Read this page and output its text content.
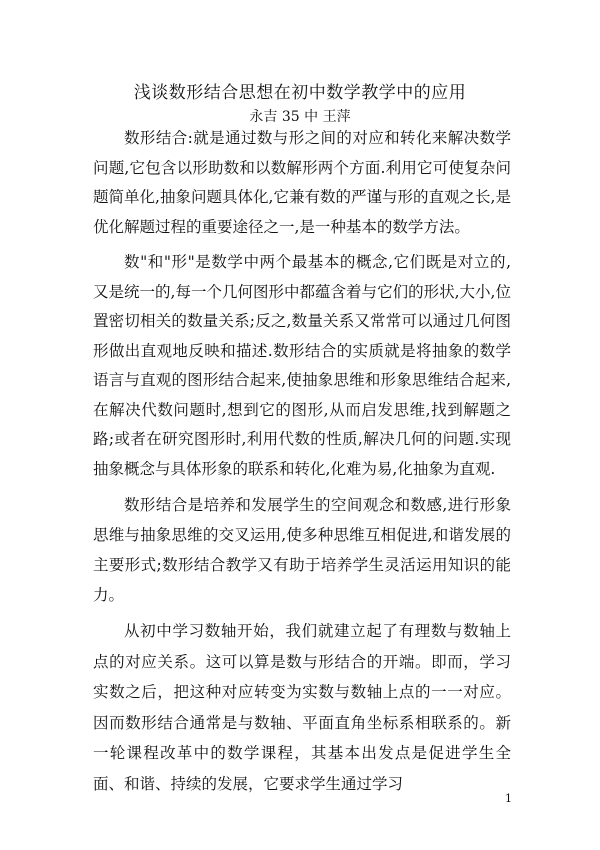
浅谈数形结合思想在初中数学教学中的应用

永吉 35 中 王萍

数形结合:就是通过数与形之间的对应和转化来解决数学问题,它包含以形助数和以数解形两个方面.利用它可使复杂问题简单化,抽象问题具体化,它兼有数的严谨与形的直观之长,是优化解题过程的重要途径之一,是一种基本的数学方法。

数"和"形"是数学中两个最基本的概念,它们既是对立的,又是统一的,每一个几何图形中都蕴含着与它们的形状,大小,位置密切相关的数量关系;反之,数量关系又常常可以通过几何图形做出直观地反映和描述.数形结合的实质就是将抽象的数学语言与直观的图形结合起来,使抽象思维和形象思维结合起来,在解决代数问题时,想到它的图形,从而启发思维,找到解题之路;或者在研究图形时,利用代数的性质,解决几何的问题.实现抽象概念与具体形象的联系和转化,化难为易,化抽象为直观.

数形结合是培养和发展学生的空间观念和数感,进行形象思维与抽象思维的交叉运用,使多种思维互相促进,和谐发展的主要形式;数形结合教学又有助于培养学生灵活运用知识的能力。

从初中学习数轴开始，我们就建立起了有理数与数轴上点的对应关系。这可以算是数与形结合的开端。即而，学习实数之后，把这种对应转变为实数与数轴上点的一一对应。因而数形结合通常是与数轴、平面直角坐标系相联系的。新一轮课程改革中的数学课程，其基本出发点是促进学生全面、和谐、持续的发展，它要求学生通过学习

1
